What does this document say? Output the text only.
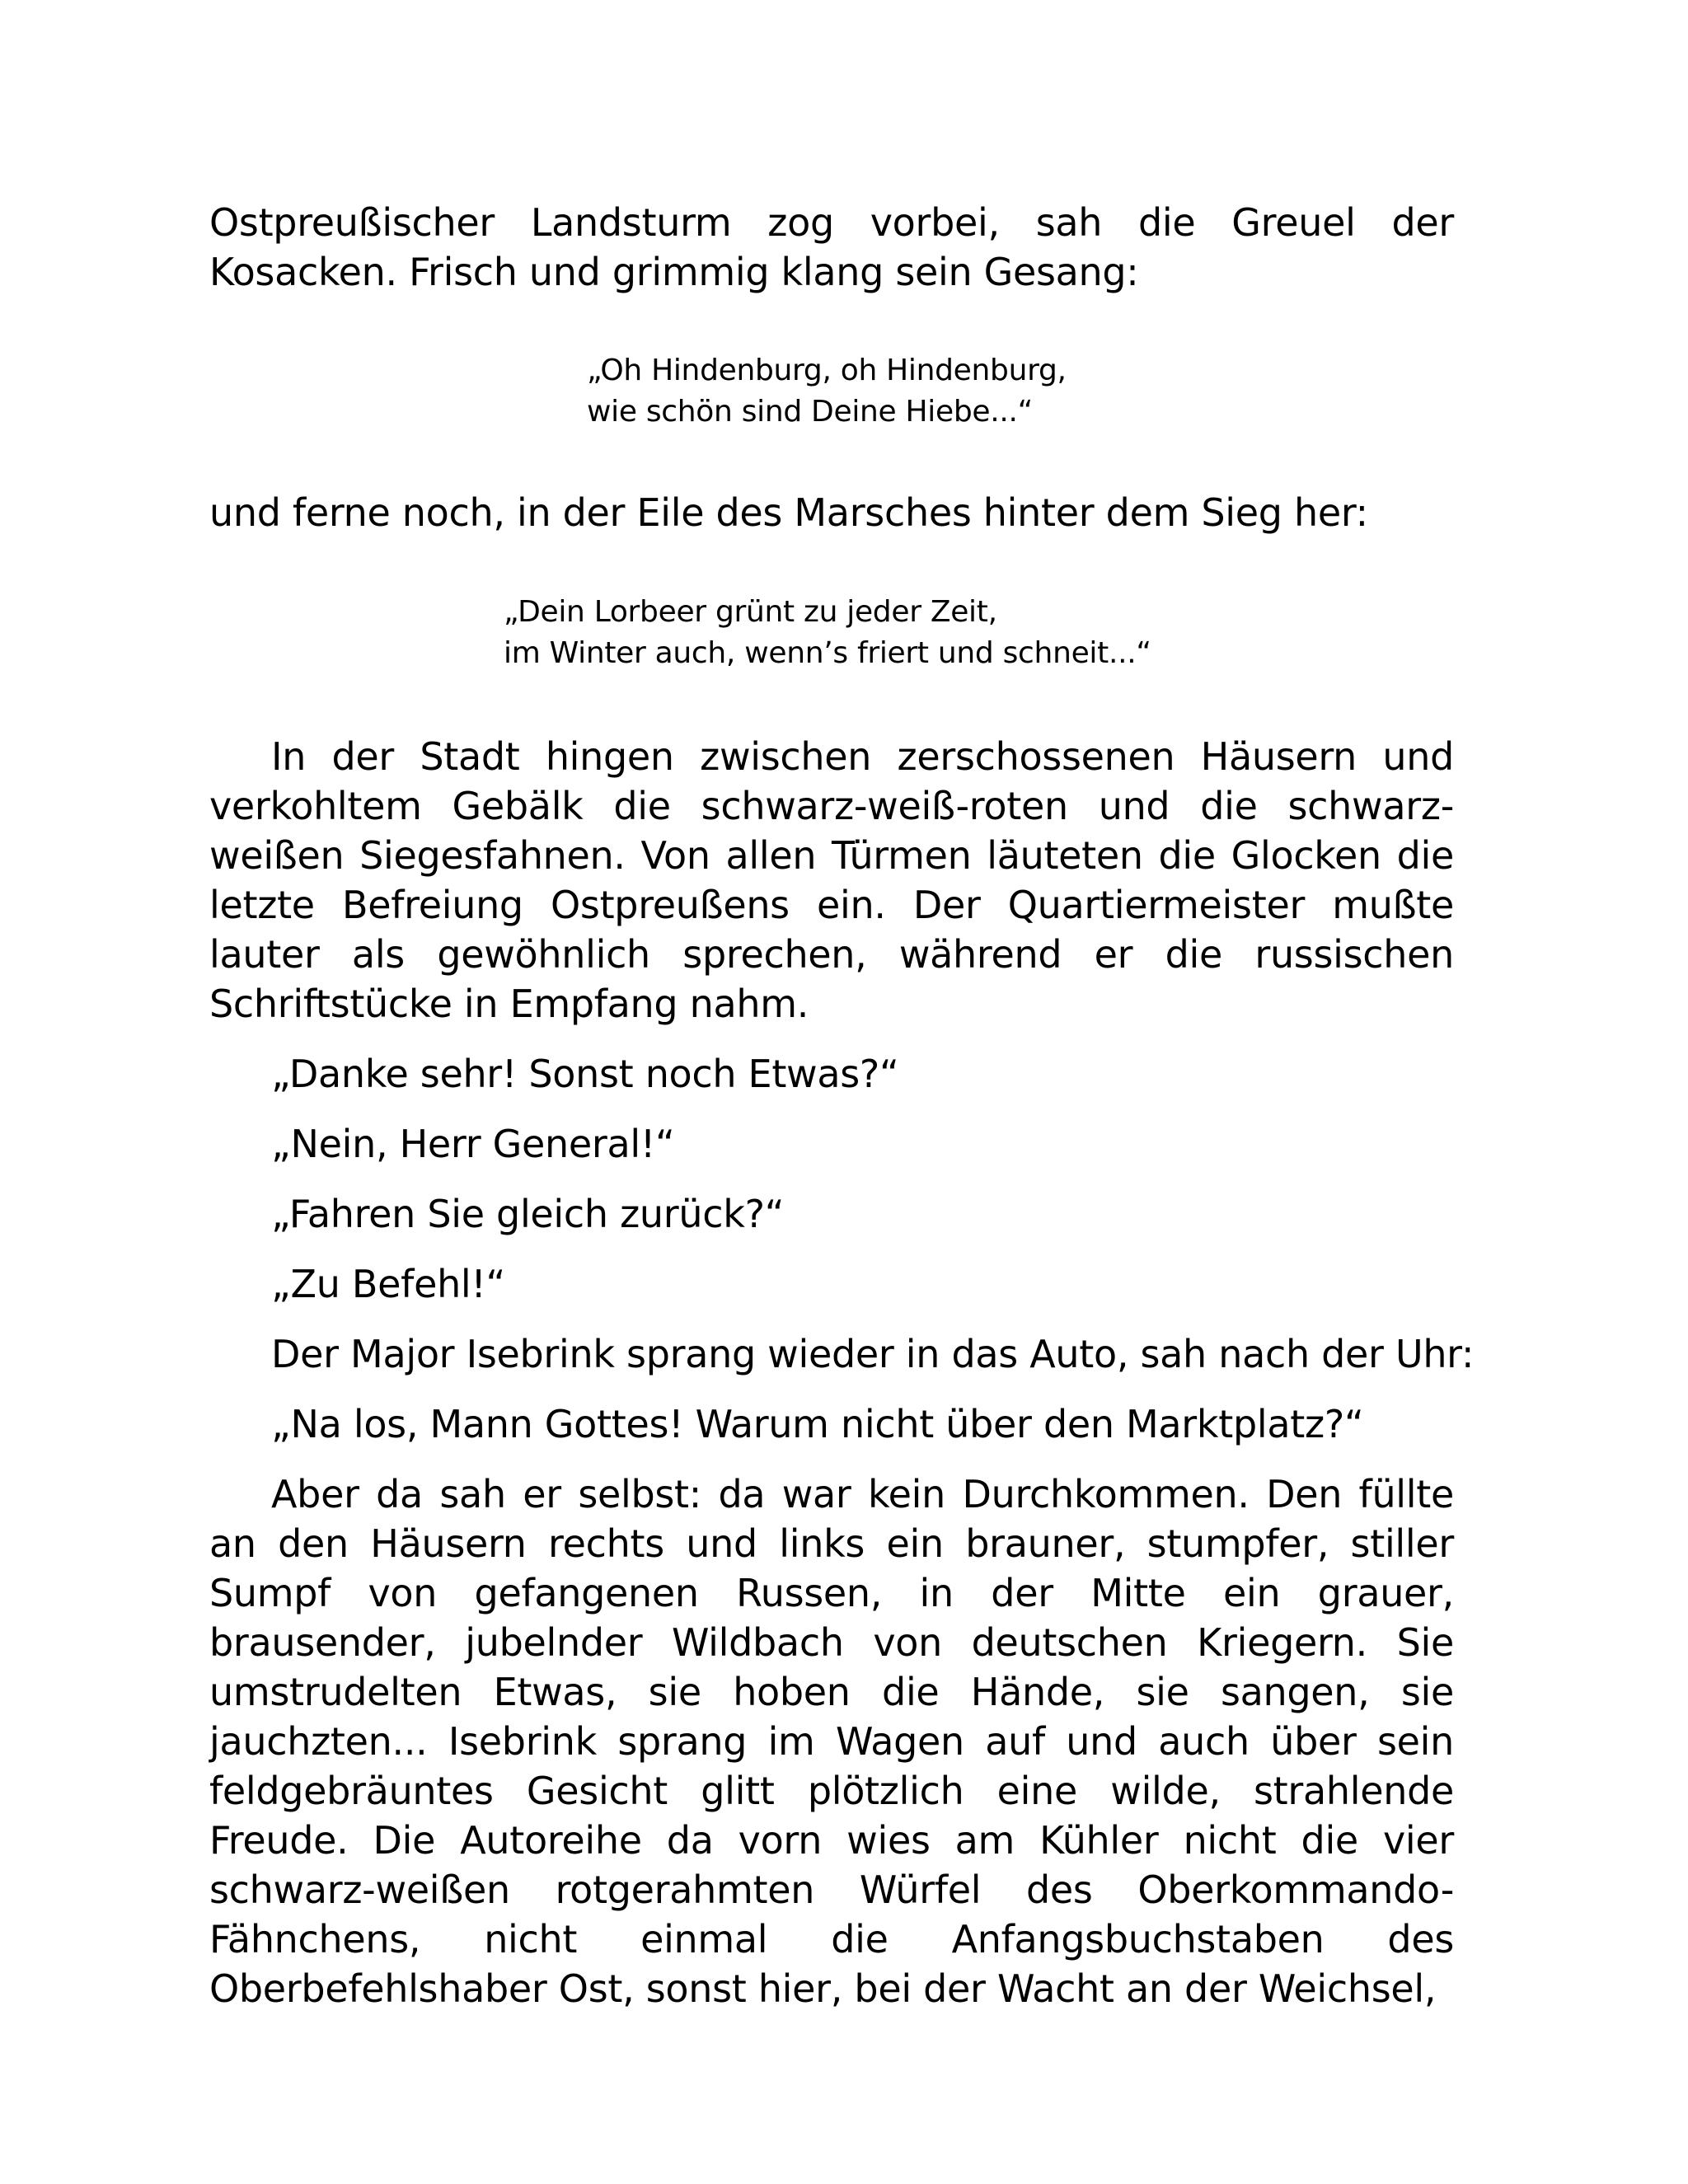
Ostpreußischer Landsturm zog vorbei, sah die Greuel der Kosacken. Frisch und grimmig klang sein Gesang:

„Oh Hindenburg, oh Hindenburg,
wie schön sind Deine Hiebe...“

und ferne noch, in der Eile des Marsches hinter dem Sieg her:

„Dein Lorbeer grünt zu jeder Zeit,
im Winter auch, wenn’s friert und schneit...“

In der Stadt hingen zwischen zerschossenen Häusern und verkohltem Gebälk die schwarz-weiß-roten und die schwarz-weißen Siegesfahnen. Von allen Türmen läuteten die Glocken die letzte Befreiung Ostpreußens ein. Der Quartiermeister mußte lauter als gewöhnlich sprechen, während er die russischen Schriftstücke in Empfang nahm.

„Danke sehr! Sonst noch Etwas?“

„Nein, Herr General!“

„Fahren Sie gleich zurück?“

„Zu Befehl!“

Der Major Isebrink sprang wieder in das Auto, sah nach der Uhr:

„Na los, Mann Gottes! Warum nicht über den Marktplatz?“

Aber da sah er selbst: da war kein Durchkommen. Den füllte an den Häusern rechts und links ein brauner, stumpfer, stiller Sumpf von gefangenen Russen, in der Mitte ein grauer, brausender, jubelnder Wildbach von deutschen Kriegern. Sie umstrudelten Etwas, sie hoben die Hände, sie sangen, sie jauchzten... Isebrink sprang im Wagen auf und auch über sein feldgebräuntes Gesicht glitt plötzlich eine wilde, strahlende Freude. Die Autoreihe da vorn wies am Kühler nicht die vier schwarz-weißen rotgerahmten Würfel des Oberkommando-Fähnchens, nicht einmal die Anfangsbuchstaben des Oberbefehlshaber Ost, sonst hier, bei der Wacht an der Weichsel,
